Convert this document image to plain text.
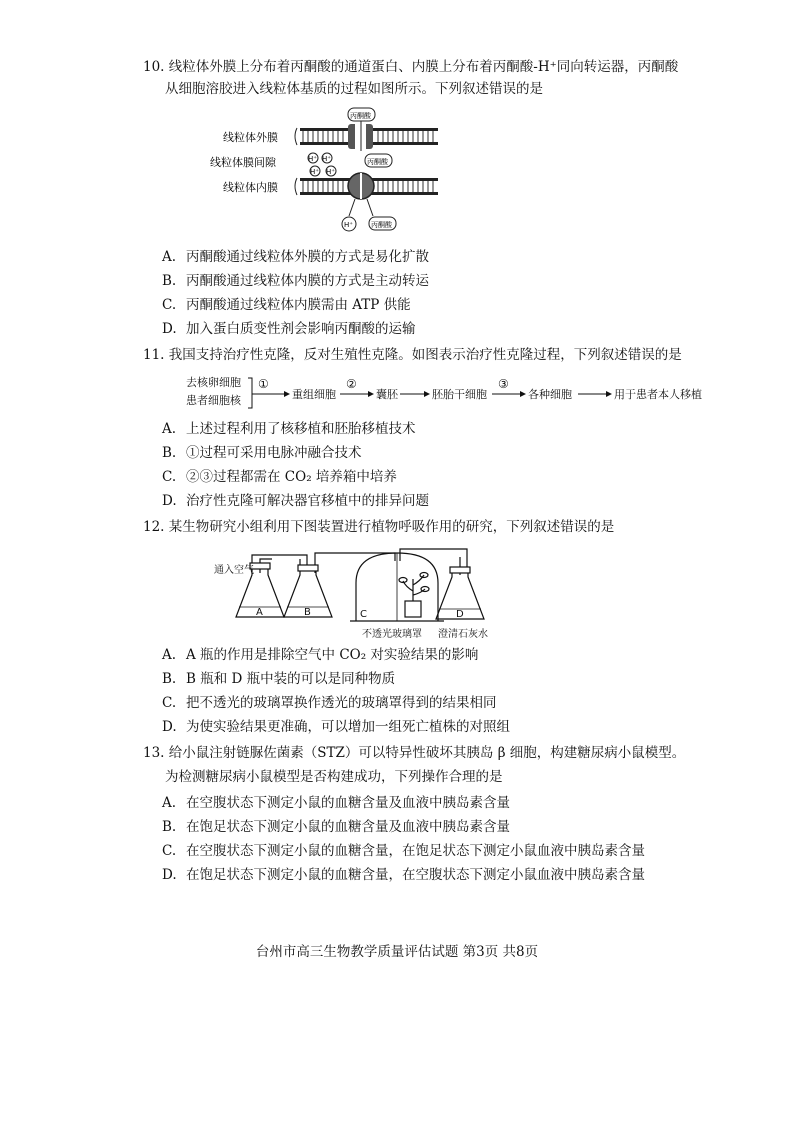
10. 线粒体外膜上分布着丙酮酸的通道蛋白、内膜上分布着丙酮酸-H⁺同向转运器，丙酮酸
从细胞溶胶进入线粒体基质的过程如图所示。下列叙述错误的是
线粒体外膜
线粒体膜间隙
线粒体内膜
丙酮酸
H⁺ H⁺
H⁺ H⁺
丙酮酸
H⁺	丙酮酸
A. 丙酮酸通过线粒体外膜的方式是易化扩散
B. 丙酮酸通过线粒体内膜的方式是主动转运
C. 丙酮酸通过线粒体内膜需由 ATP 供能
D. 加入蛋白质变性剂会影响丙酮酸的运输
11. 我国支持治疗性克隆，反对生殖性克隆。如图表示治疗性克隆过程，下列叙述错误的是
去核卵细胞
患者细胞核
①
重组细胞
②
囊胚	胚胎干细胞
③
各种细胞	用于患者本人移植
A. 上述过程利用了核移植和胚胎移植技术
B. ①过程可采用电脉冲融合技术
C. ②③过程都需在 CO₂ 培养箱中培养
D. 治疗性克隆可解决器官移植中的排异问题
12. 某生物研究小组利用下图装置进行植物呼吸作用的研究，下列叙述错误的是
通入空气
A	B	C	D
不透光玻璃罩 澄清石灰水
A. A 瓶的作用是排除空气中 CO₂ 对实验结果的影响
B. B 瓶和 D 瓶中装的可以是同种物质
C. 把不透光的玻璃罩换作透光的玻璃罩得到的结果相同
D. 为使实验结果更准确，可以增加一组死亡植株的对照组
13. 给小鼠注射链脲佐菌素（STZ）可以特异性破坏其胰岛 β 细胞，构建糖尿病小鼠模型。
为检测糖尿病小鼠模型是否构建成功，下列操作合理的是
A. 在空腹状态下测定小鼠的血糖含量及血液中胰岛素含量
B. 在饱足状态下测定小鼠的血糖含量及血液中胰岛素含量
C. 在空腹状态下测定小鼠的血糖含量，在饱足状态下测定小鼠血液中胰岛素含量
D. 在饱足状态下测定小鼠的血糖含量，在空腹状态下测定小鼠血液中胰岛素含量
台州市高三生物教学质量评估试题 第3页 共8页
